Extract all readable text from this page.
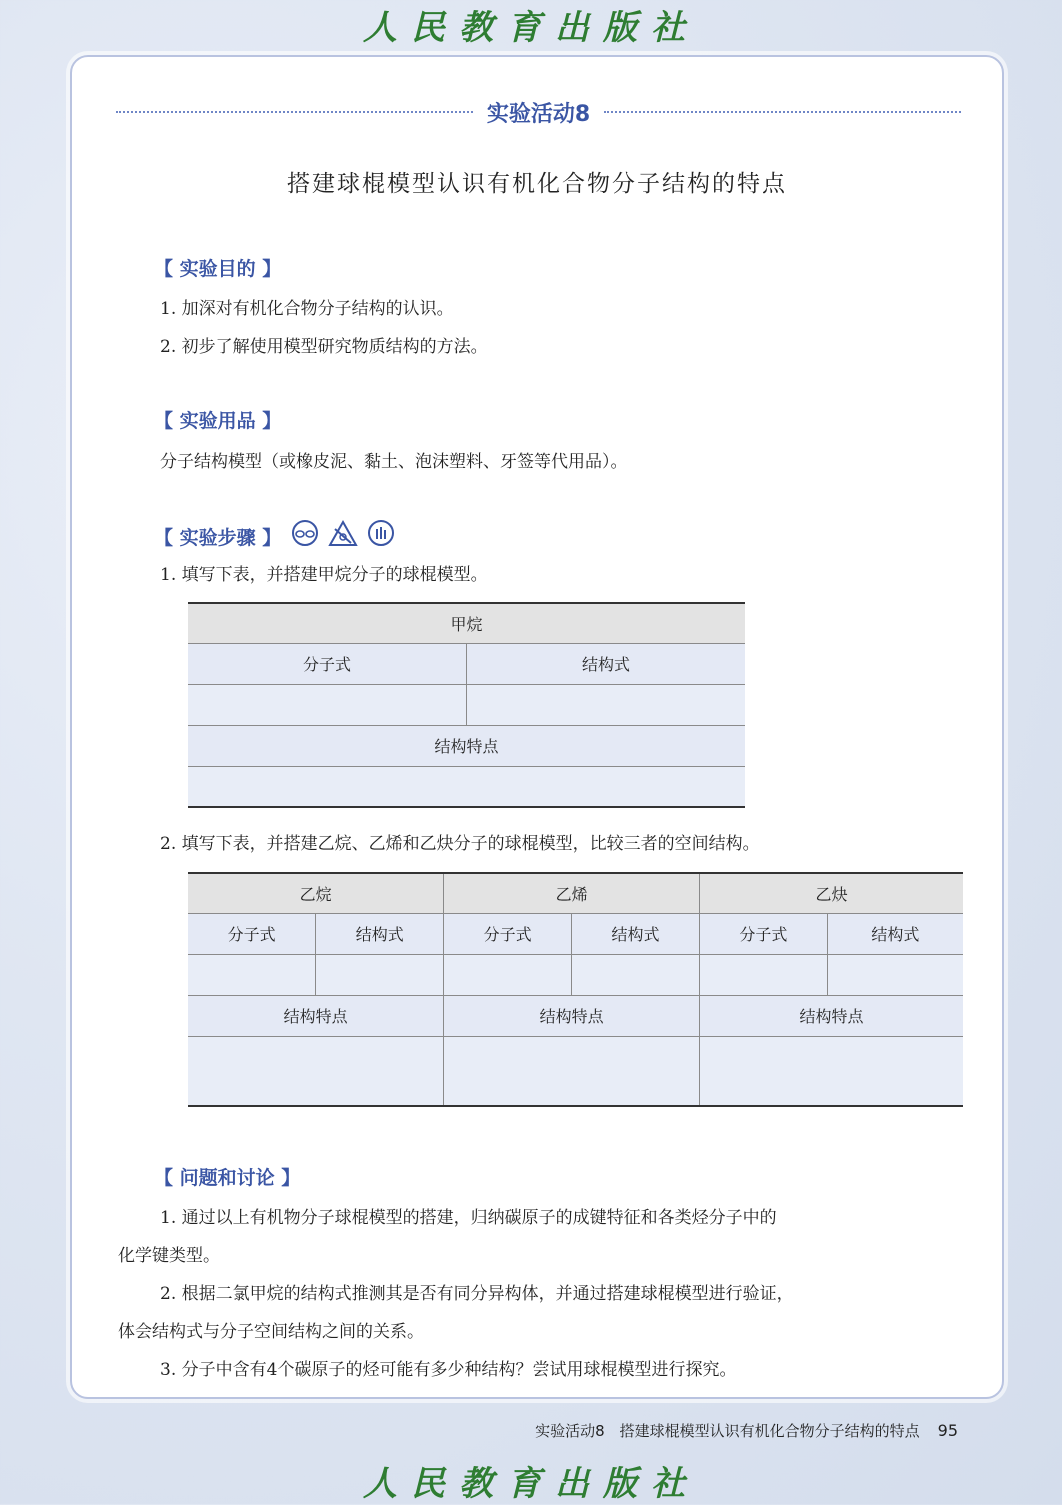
人民教育出版社
实验活动8
搭建球棍模型认识有机化合物分子结构的特点
【 实验目的 】
1. 加深对有机化合物分子结构的认识。
2. 初步了解使用模型研究物质结构的方法。
【 实验用品 】
分子结构模型（或橡皮泥、黏土、泡沫塑料、牙签等代用品）。
【 实验步骤 】
1. 填写下表，并搭建甲烷分子的球棍模型。
甲烷	
分子式	结构式

结构特点	

2. 填写下表，并搭建乙烷、乙烯和乙炔分子的球棍模型，比较三者的空间结构。
乙烷		乙烯		乙炔	
分子式	结构式	分子式	结构式	分子式	结构式

结构特点		结构特点		结构特点	

【 问题和讨论 】
1. 通过以上有机物分子球棍模型的搭建，归纳碳原子的成键特征和各类烃分子中的
化学键类型。
2. 根据二氯甲烷的结构式推测其是否有同分异构体，并通过搭建球棍模型进行验证，
体会结构式与分子空间结构之间的关系。
3. 分子中含有4个碳原子的烃可能有多少种结构？尝试用球棍模型进行探究。
实验活动8　搭建球棍模型认识有机化合物分子结构的特点 95
人民教育出版社
